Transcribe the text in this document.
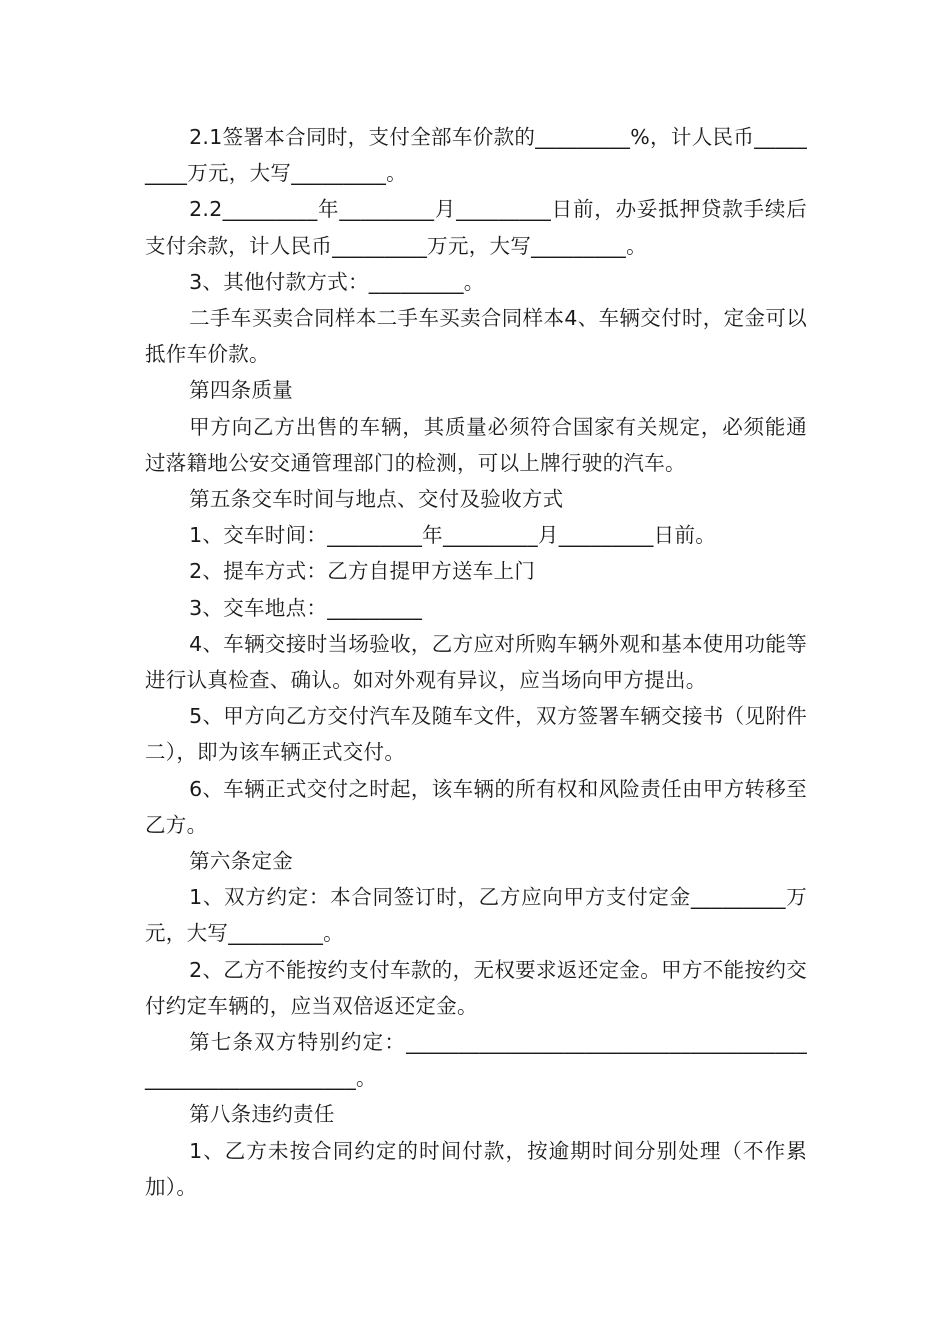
2.1签署本合同时，支付全部车价款的_________%，计人民币_________万元，大写_________。

2.2_________年_________月_________日前，办妥抵押贷款手续后支付余款，计人民币_________万元，大写_________。

3、其他付款方式：_________。

二手车买卖合同样本二手车买卖合同样本4、车辆交付时，定金可以抵作车价款。

第四条质量

甲方向乙方出售的车辆，其质量必须符合国家有关规定，必须能通过落籍地公安交通管理部门的检测，可以上牌行驶的汽车。

第五条交车时间与地点、交付及验收方式

1、交车时间：_________年_________月_________日前。

2、提车方式：乙方自提甲方送车上门

3、交车地点：_________

4、车辆交接时当场验收，乙方应对所购车辆外观和基本使用功能等进行认真检查、确认。如对外观有异议，应当场向甲方提出。

5、甲方向乙方交付汽车及随车文件，双方签署车辆交接书（见附件二），即为该车辆正式交付。

6、车辆正式交付之时起，该车辆的所有权和风险责任由甲方转移至乙方。

第六条定金

1、双方约定：本合同签订时，乙方应向甲方支付定金_________万元，大写_________。

2、乙方不能按约支付车款的，无权要求返还定金。甲方不能按约交付约定车辆的，应当双倍返还定金。

第七条双方特别约定：__________________________________________________________。

第八条违约责任

1、乙方未按合同约定的时间付款，按逾期时间分别处理（不作累加）。
